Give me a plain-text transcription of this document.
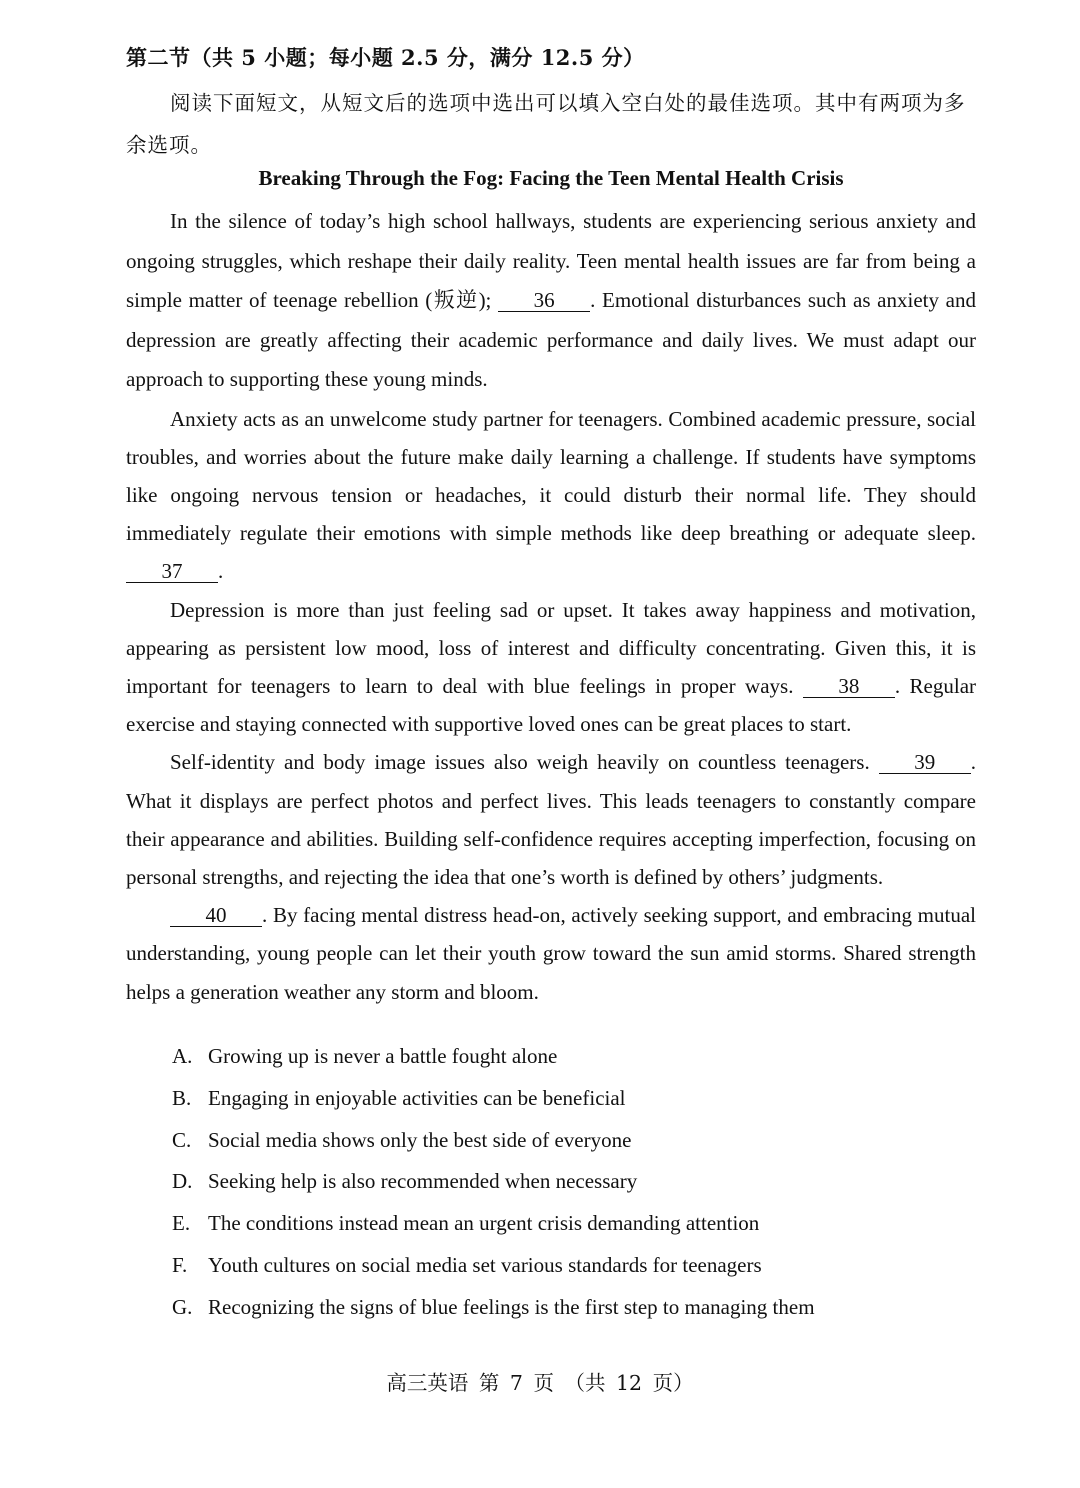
第二节（共 5 小题；每小题 2.5 分，满分 12.5 分）
阅读下面短文，从短文后的选项中选出可以填入空白处的最佳选项。其中有两项为多余选项。
Breaking Through the Fog: Facing the Teen Mental Health Crisis

In the silence of today’s high school hallways, students are experiencing serious anxiety and ongoing struggles, which reshape their daily reality. Teen mental health issues are far from being a simple matter of teenage rebellion (叛逆); 36 . Emotional disturbances such as anxiety and depression are greatly affecting their academic performance and daily lives. We must adapt our approach to supporting these young minds.

Anxiety acts as an unwelcome study partner for teenagers. Combined academic pressure, social troubles, and worries about the future make daily learning a challenge. If students have symptoms like ongoing nervous tension or headaches, it could disturb their normal life. They should immediately regulate their emotions with simple methods like deep breathing or adequate sleep. 37 .

Depression is more than just feeling sad or upset. It takes away happiness and motivation, appearing as persistent low mood, loss of interest and difficulty concentrating. Given this, it is important for teenagers to learn to deal with blue feelings in proper ways. 38 . Regular exercise and staying connected with supportive loved ones can be great places to start.

Self-identity and body image issues also weigh heavily on countless teenagers. 39 . What it displays are perfect photos and perfect lives. This leads teenagers to constantly compare their appearance and abilities. Building self-confidence requires accepting imperfection, focusing on personal strengths, and rejecting the idea that one’s worth is defined by others’ judgments.

40 . By facing mental distress head-on, actively seeking support, and embracing mutual understanding, young people can let their youth grow toward the sun amid storms. Shared strength helps a generation weather any storm and bloom.

A. Growing up is never a battle fought alone
B. Engaging in enjoyable activities can be beneficial
C. Social media shows only the best side of everyone
D. Seeking help is also recommended when necessary
E. The conditions instead mean an urgent crisis demanding attention
F. Youth cultures on social media set various standards for teenagers
G. Recognizing the signs of blue feelings is the first step to managing them
高三英语 第 7 页 （共 12 页）
